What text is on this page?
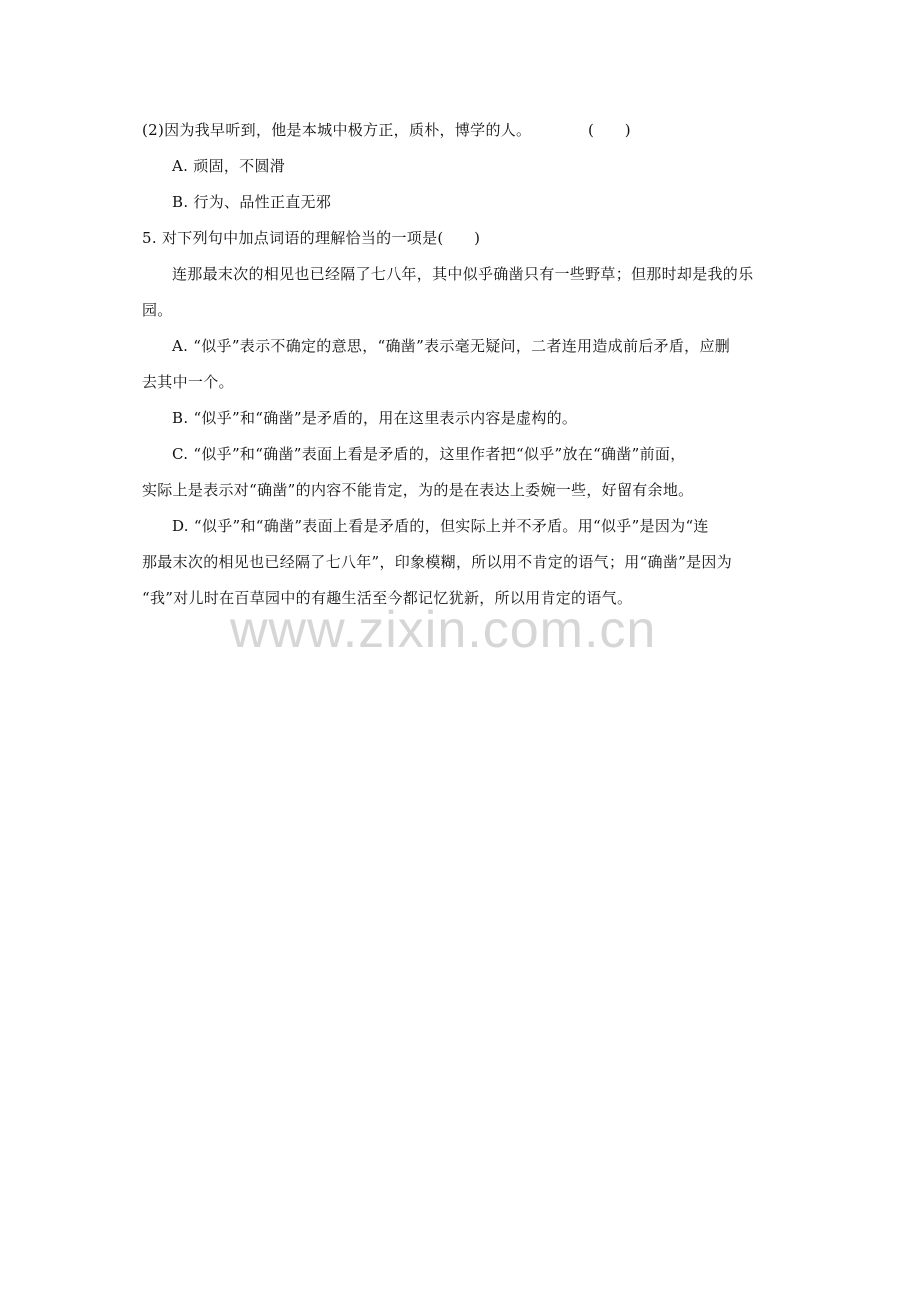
(2)因为我早听到，他是本城中极方正，质朴，博学的人。	(　　)
A. 顽固，不圆滑
B. 行为、品性正直无邪
5. 对下列句中加点词语的理解恰当的一项是(　　)
连那最末次的相见也已经隔了七八年，其中似乎确凿只有一些野草；但那时却是我的乐
园。
A. “似乎”表示不确定的意思，“确凿”表示毫无疑问，二者连用造成前后矛盾，应删
去其中一个。
B. “似乎”和“确凿”是矛盾的，用在这里表示内容是虚构的。
C. “似乎”和“确凿”表面上看是矛盾的，这里作者把“似乎”放在“确凿”前面，
实际上是表示对“确凿”的内容不能肯定，为的是在表达上委婉一些，好留有余地。
D. “似乎”和“确凿”表面上看是矛盾的，但实际上并不矛盾。用“似乎”是因为“连
那最末次的相见也已经隔了七八年”，印象模糊，所以用不肯定的语气；用“确凿”是因为
“我”对儿时在百草园中的有趣生活至今都记忆犹新，所以用肯定的语气。
www.zixin.com.cn
